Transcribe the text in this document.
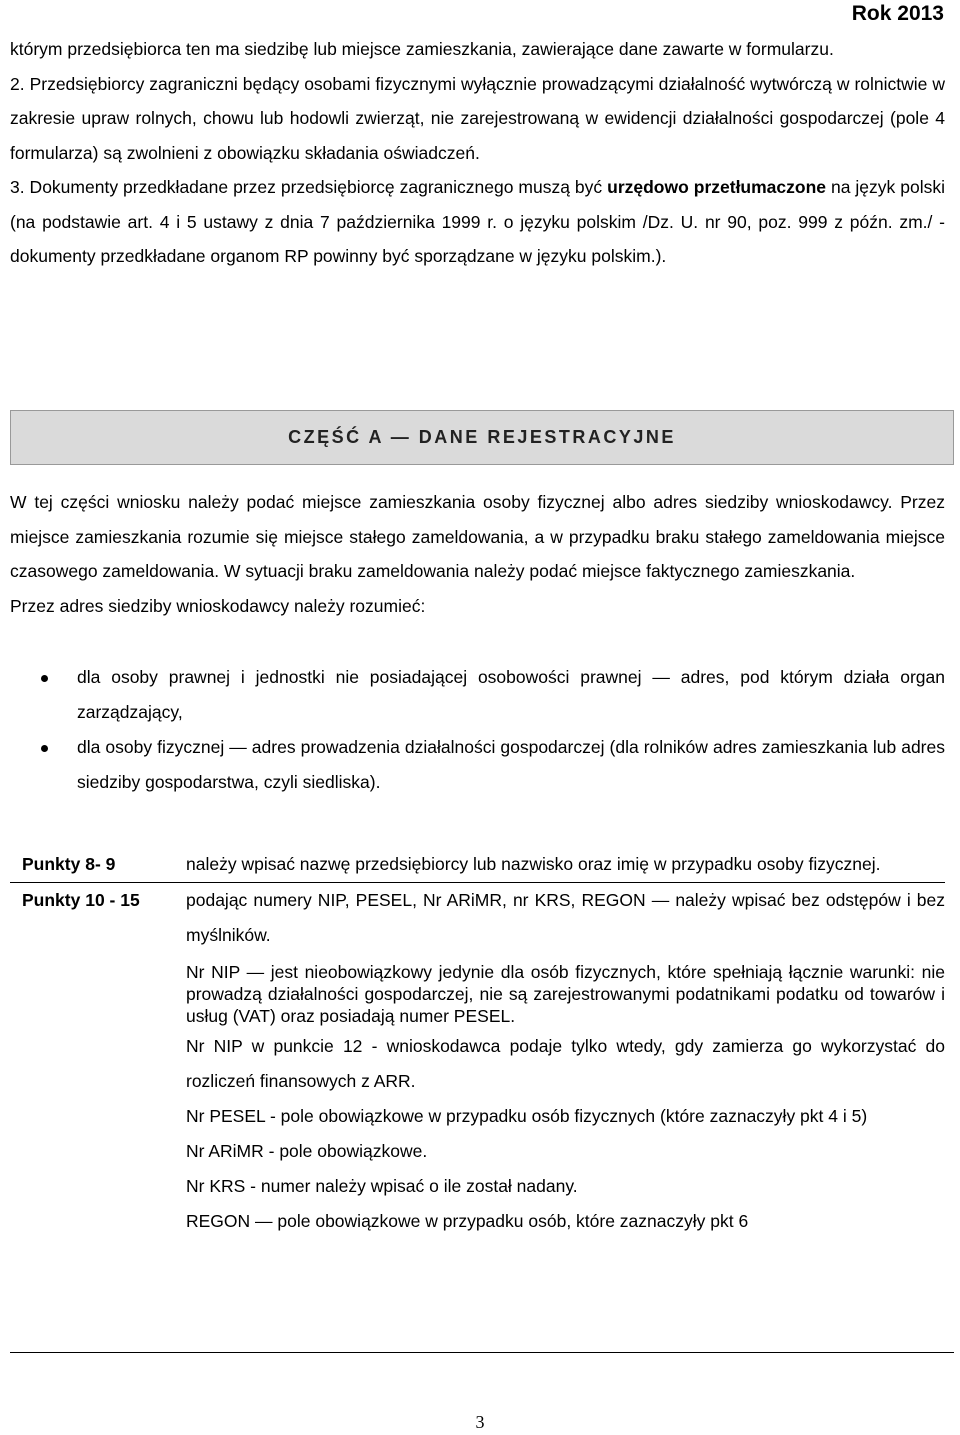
Rok 2013
którym przedsiębiorca ten ma siedzibę lub miejsce zamieszkania, zawierające dane zawarte w formularzu.
2. Przedsiębiorcy zagraniczni będący osobami fizycznymi wyłącznie prowadzącymi działalność wytwórczą w rolnictwie w zakresie upraw rolnych, chowu lub hodowli zwierząt, nie zarejestrowaną w ewidencji działalności gospodarczej (pole 4 formularza) są zwolnieni z obowiązku składania oświadczeń.
3. Dokumenty przedkładane przez przedsiębiorcę zagranicznego muszą być urzędowo przetłumaczone na język polski (na podstawie art. 4 i 5 ustawy z dnia 7 października 1999 r. o języku polskim /Dz. U. nr 90, poz. 999 z późn. zm./ - dokumenty przedkładane organom RP powinny być sporządzane w języku polskim.).
CZĘŚĆ A — DANE REJESTRACYJNE
W tej części wniosku należy podać miejsce zamieszkania osoby fizycznej albo adres siedziby wnioskodawcy. Przez miejsce zamieszkania rozumie się miejsce stałego zameldowania, a w przypadku braku stałego zameldowania miejsce czasowego zameldowania. W sytuacji braku zameldowania należy podać miejsce faktycznego zamieszkania.
Przez adres siedziby wnioskodawcy należy rozumieć:
dla osoby prawnej i jednostki nie posiadającej osobowości prawnej — adres, pod którym działa organ zarządzający,
dla osoby fizycznej — adres prowadzenia działalności gospodarczej (dla rolników adres zamieszkania lub adres siedziby gospodarstwa, czyli siedliska).
Punkty 8- 9	należy wpisać nazwę przedsiębiorcy lub nazwisko oraz imię w przypadku osoby fizycznej.
Punkty 10 - 15	podając numery NIP, PESEL, Nr ARiMR, nr KRS, REGON — należy wpisać bez odstępów i bez myślników.
Nr NIP — jest nieobowiązkowy jedynie dla osób fizycznych, które spełniają łącznie warunki: nie prowadzą działalności gospodarczej, nie są zarejestrowanymi podatnikami podatku od towarów i usług (VAT) oraz posiadają numer PESEL.
Nr NIP w punkcie 12 - wnioskodawca podaje tylko wtedy, gdy zamierza go wykorzystać do rozliczeń finansowych z ARR.
Nr PESEL - pole obowiązkowe w przypadku osób fizycznych (które zaznaczyły pkt 4 i 5)
Nr ARiMR - pole obowiązkowe.
Nr KRS - numer należy wpisać o ile został nadany.
REGON — pole obowiązkowe w przypadku osób, które zaznaczyły pkt 6
3
